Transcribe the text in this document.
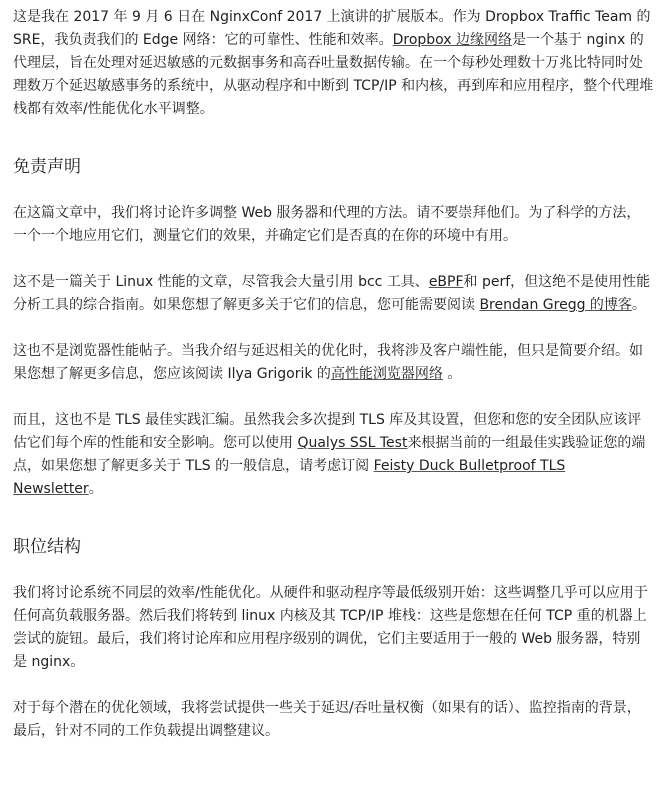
这是我在 2017 年 9 月 6 日在 NginxConf 2017 上演讲的扩展版本。作为 Dropbox Traffic Team 的SRE，我负责我们的 Edge 网络：它的可靠性、性能和效率。Dropbox 边缘网络是一个基于 nginx 的 代理层，旨在处理对延迟敏感的元数据事务和高吞吐量数据传输。在一个每秒处理数十万兆比特同时处理数万个延迟敏感事务的系统中，从驱动程序和中断到 TCP/IP 和内核，再到库和应用程序，整个代理堆栈都有效率/性能优化水平调整。

免责声明

在这篇文章中，我们将讨论许多调整 Web 服务器和代理的方法。请不要崇拜他们。为了科学的方法，一个一个地应用它们，测量它们的效果，并确定它们是否真的在你的环境中有用。

这不是一篇关于 Linux 性能的文章，尽管我会大量引用 bcc 工具、eBPF和 perf，但这绝不是使用性能分析工具的综合指南。如果您想了解更多关于它们的信息，您可能需要阅读 Brendan Gregg 的博客。

这也不是浏览器性能帖子。当我介绍与延迟相关的优化时，我将涉及客户端性能，但只是简要介绍。如果您想了解更多信息，您应该阅读 Ilya Grigorik 的高性能浏览器网络 。

而且，这也不是 TLS 最佳实践汇编。虽然我会多次提到 TLS 库及其设置，但您和您的安全团队应该评估它们每个库的性能和安全影响。您可以使用 Qualys SSL Test来根据当前的一组最佳实践验证您的端点，如果您想了解更多关于 TLS 的一般信息，请考虑订阅 Feisty Duck Bulletproof TLS Newsletter。

职位结构

我们将讨论系统不同层的效率/性能优化。从硬件和驱动程序等最低级别开始：这些调整几乎可以应用于任何高负载服务器。然后我们将转到 linux 内核及其 TCP/IP 堆栈：这些是您想在任何 TCP 重的机器上尝试的旋钮。最后，我们将讨论库和应用程序级别的调优，它们主要适用于一般的 Web 服务器，特别是 nginx。

对于每个潜在的优化领域，我将尝试提供一些关于延迟/吞吐量权衡（如果有的话）、监控指南的背景，最后，针对不同的工作负载提出调整建议。
